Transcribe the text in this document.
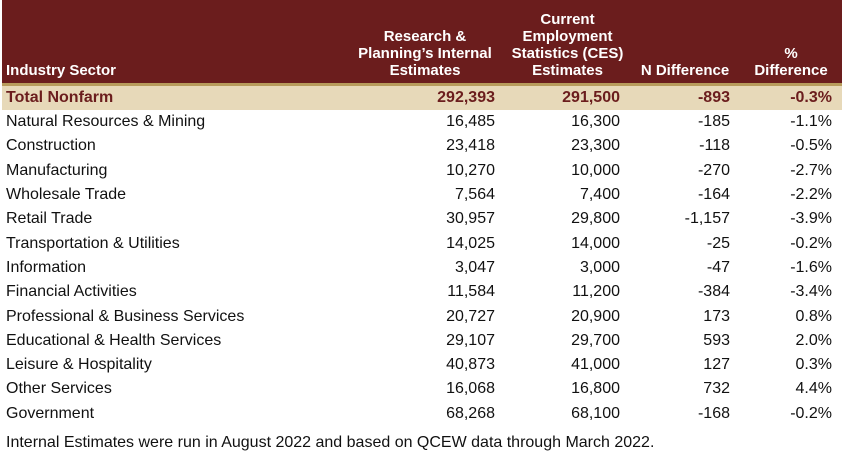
Industry Sector	Research & Planning’s Internal Estimates	Current Employment Statistics (CES) Estimates	N Difference	% Difference
Total Nonfarm	292,393	291,500	-893	-0.3%
Natural Resources & Mining	16,485	16,300	-185	-1.1%
Construction	23,418	23,300	-118	-0.5%
Manufacturing	10,270	10,000	-270	-2.7%
Wholesale Trade	7,564	7,400	-164	-2.2%
Retail Trade	30,957	29,800	-1,157	-3.9%
Transportation & Utilities	14,025	14,000	-25	-0.2%
Information	3,047	3,000	-47	-1.6%
Financial Activities	11,584	11,200	-384	-3.4%
Professional & Business Services	20,727	20,900	173	0.8%
Educational & Health Services	29,107	29,700	593	2.0%
Leisure & Hospitality	40,873	41,000	127	0.3%
Other Services	16,068	16,800	732	4.4%
Government	68,268	68,100	-168	-0.2%
Internal Estimates were run in August 2022 and based on QCEW data through March 2022.
